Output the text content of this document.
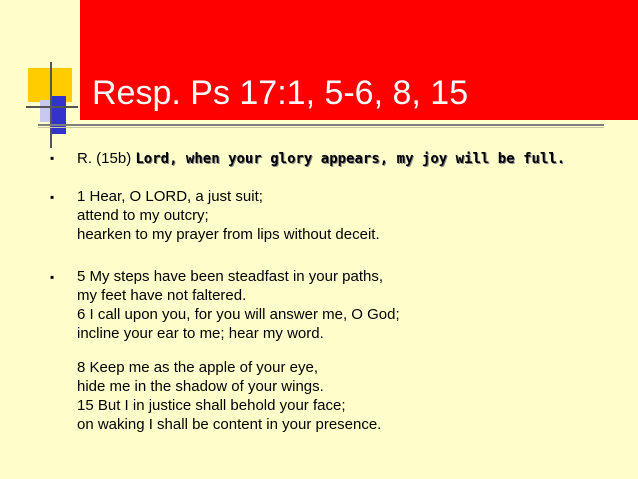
Resp. Ps 17:1, 5-6, 8, 15
▪	R. (15b) Lord, when your glory appears, my joy will be full.
▪	1 Hear, O LORD, a just suit;
attend to my outcry;
hearken to my prayer from lips without deceit.
▪	5 My steps have been steadfast in your paths,
my feet have not faltered.
6 I call upon you, for you will answer me, O God;
incline your ear to me; hear my word.
8 Keep me as the apple of your eye,
hide me in the shadow of your wings.
15 But I in justice shall behold your face;
on waking I shall be content in your presence.
